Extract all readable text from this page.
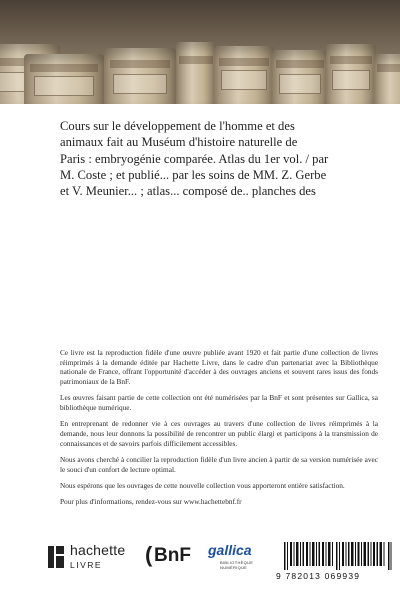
Cours sur le développement de l'homme et des
animaux fait au Muséum d'histoire naturelle de
Paris : embryogénie comparée. Atlas du 1er vol. / par
M. Coste ; et publié... par les soins de MM. Z. Gerbe
et V. Meunier... ; atlas... composé de.. planches des

Ce livre est la reproduction fidèle d'une œuvre publiée avant 1920 et fait partie d'une collection de livres réimprimés à la demande éditée par Hachette Livre, dans le cadre d'un partenariat avec la Bibliothèque nationale de France, offrant l'opportunité d'accéder à des ouvrages anciens et souvent rares issus des fonds patrimoniaux de la BnF.

Les œuvres faisant partie de cette collection ont été numérisées par la BnF et sont présentes sur Gallica, sa bibliothèque numérique.

En entreprenant de redonner vie à ces ouvrages au travers d'une collection de livres réimprimés à la demande, nous leur donnons la possibilité de rencontrer un public élargi et participons à la transmission de connaissances et de savoirs parfois difficilement accessibles.

Nous avons cherché à concilier la reproduction fidèle d'un livre ancien à partir de sa version numérisée avec le souci d'un confort de lecture optimal.

Nous espérons que les ouvrages de cette nouvelle collection vous apporteront entière satisfaction.

Pour plus d'informations, rendez-vous sur www.hachettebnf.fr

hachette
LIVRE ( BnF gallica
BIBLIOTHÈQUE NUMÉRIQUE
9 782013 069939
